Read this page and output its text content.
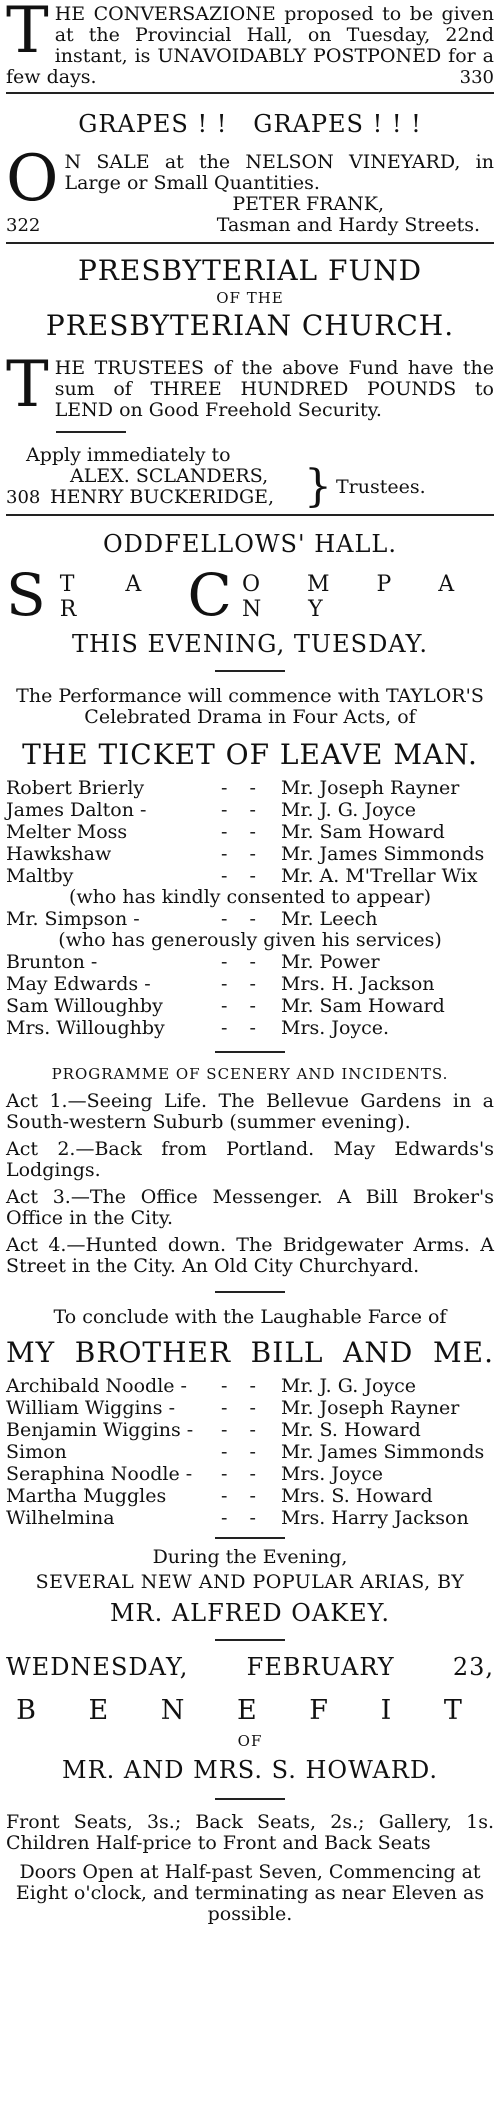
T HE CONVERSAZIONE proposed to be given at the Provincial Hall, on Tuesday, 22nd instant, is UNAVOIDABLY POSTPONED for a few days.	330

GRAPES ! !   GRAPES ! ! !
O N SALE at the NELSON VINEYARD, in Large or Small Quantities.

PETER FRANK,
322	Tasman and Hardy Streets.
PRESBYTERIAL FUND
OF THE
PRESBYTERIAN CHURCH.
T HE TRUSTEES of the above Fund have the sum of THREE HUNDRED POUNDS to LEND on Good Freehold Security.

Apply immediately to
308
ALEX. SCLANDERS,
HENRY BUCKERIDGE, } Trustees.
ODDFELLOWS' HALL.
S T A R	C O M P A N Y
THIS EVENING, TUESDAY.

The Performance will commence with TAYLOR'S Celebrated Drama in Four Acts, of

THE TICKET OF LEAVE MAN.
Robert Brierly	- - Mr. Joseph Rayner
James Dalton -	- - Mr. J. G. Joyce
Melter Moss	- - Mr. Sam Howard
Hawkshaw	- - Mr. James Simmonds
Maltby	- - Mr. A. M'Trellar Wix
(who has kindly consented to appear)
Mr. Simpson -	- - Mr. Leech
(who has generously given his services)
Brunton -	- - Mr. Power
May Edwards -	- - Mrs. H. Jackson
Sam Willoughby	- - Mr. Sam Howard
Mrs. Willoughby	- - Mrs. Joyce.
PROGRAMME OF SCENERY AND INCIDENTS.

Act 1.—Seeing Life. The Bellevue Gardens in a South-western Suburb (summer evening).

Act 2.—Back from Portland. May Edwards's Lodgings.

Act 3.—The Office Messenger. A Bill Broker's Office in the City.

Act 4.—Hunted down. The Bridgewater Arms. A Street in the City. An Old City Churchyard.

To conclude with the Laughable Farce of

MY BROTHER BILL AND ME.
Archibald Noodle -	- - Mr. J. G. Joyce
William Wiggins -	- - Mr. Joseph Rayner
Benjamin Wiggins -	- - Mr. S. Howard
Simon	- - Mr. James Simmonds
Seraphina Noodle -	- - Mrs. Joyce
Martha Muggles	- - Mrs. S. Howard
Wilhelmina	- - Mrs. Harry Jackson
During the Evening,
SEVERAL NEW AND POPULAR ARIAS, BY
MR. ALFRED OAKEY.
WEDNESDAY, FEBRUARY 23,
B E N E F I T
OF
MR. AND MRS. S. HOWARD.

Front Seats, 3s.; Back Seats, 2s.; Gallery, 1s. Children Half-price to Front and Back Seats

Doors Open at Half-past Seven, Commencing at Eight o'clock, and terminating as near Eleven as possible.
